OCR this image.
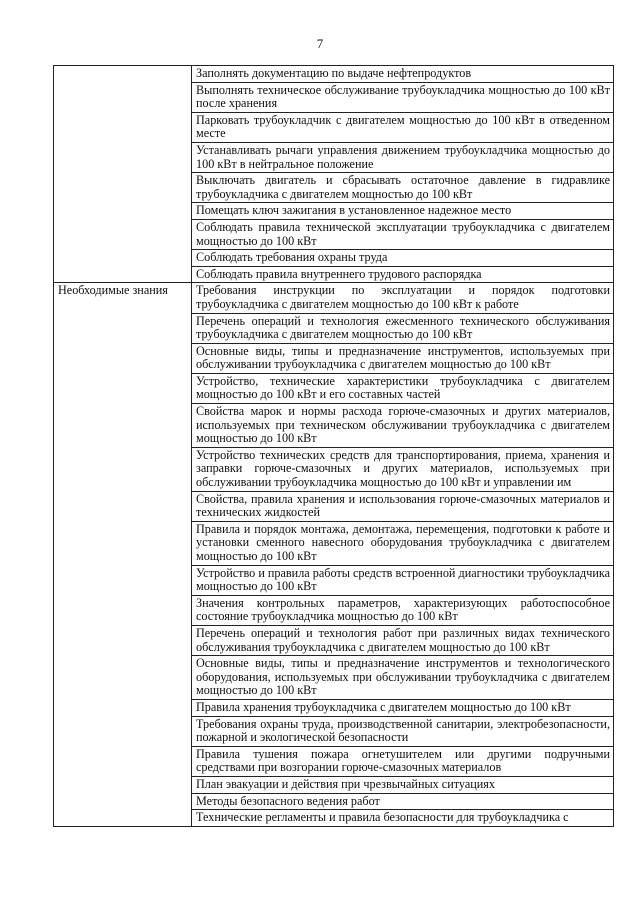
7
	Заполнять документацию по выдаче нефтепродуктов
	Выполнять техническое обслуживание трубоукладчика мощностью до 100 кВт после хранения
	Парковать трубоукладчик с двигателем мощностью до 100 кВт в отведенном месте
	Устанавливать рычаги управления движением трубоукладчика мощностью до 100 кВт в нейтральное положение
	Выключать двигатель и сбрасывать остаточное давление в гидравлике трубоукладчика с двигателем мощностью до 100 кВт
	Помещать ключ зажигания в установленное надежное место
	Соблюдать правила технической эксплуатации трубоукладчика с двигателем мощностью до 100 кВт
	Соблюдать требования охраны труда
	Соблюдать правила внутреннего трудового распорядка
Необходимые знания	Требования инструкции по эксплуатации и порядок подготовки трубоукладчика с двигателем мощностью до 100 кВт к работе
	Перечень операций и технология ежесменного технического обслуживания трубоукладчика с двигателем мощностью до 100 кВт
	Основные виды, типы и предназначение инструментов, используемых при обслуживании трубоукладчика с двигателем мощностью до 100 кВт
	Устройство, технические характеристики трубоукладчика с двигателем мощностью до 100 кВт и его составных частей
	Свойства марок и нормы расхода горюче-смазочных и других материалов, используемых при техническом обслуживании трубоукладчика с двигателем мощностью до 100 кВт
	Устройство технических средств для транспортирования, приема, хранения и заправки горюче-смазочных и других материалов, используемых при обслуживании трубоукладчика мощностью до 100 кВт и управлении им
	Свойства, правила хранения и использования горюче-смазочных материалов и технических жидкостей
	Правила и порядок монтажа, демонтажа, перемещения, подготовки к работе и установки сменного навесного оборудования трубоукладчика с двигателем мощностью до 100 кВт
	Устройство и правила работы средств встроенной диагностики трубоукладчика мощностью до 100 кВт
	Значения контрольных параметров, характеризующих работоспособное состояние трубоукладчика мощностью до 100 кВт
	Перечень операций и технология работ при различных видах технического обслуживания трубоукладчика с двигателем мощностью до 100 кВт
	Основные виды, типы и предназначение инструментов и технологического оборудования, используемых при обслуживании трубоукладчика с двигателем мощностью до 100 кВт
	Правила хранения трубоукладчика с двигателем мощностью до 100 кВт
	Требования охраны труда, производственной санитарии, электробезопасности, пожарной и экологической безопасности
	Правила тушения пожара огнетушителем или другими подручными средствами при возгорании горюче-смазочных материалов
	План эвакуации и действия при чрезвычайных ситуациях
	Методы безопасного ведения работ
	Технические регламенты и правила безопасности для трубоукладчика с
